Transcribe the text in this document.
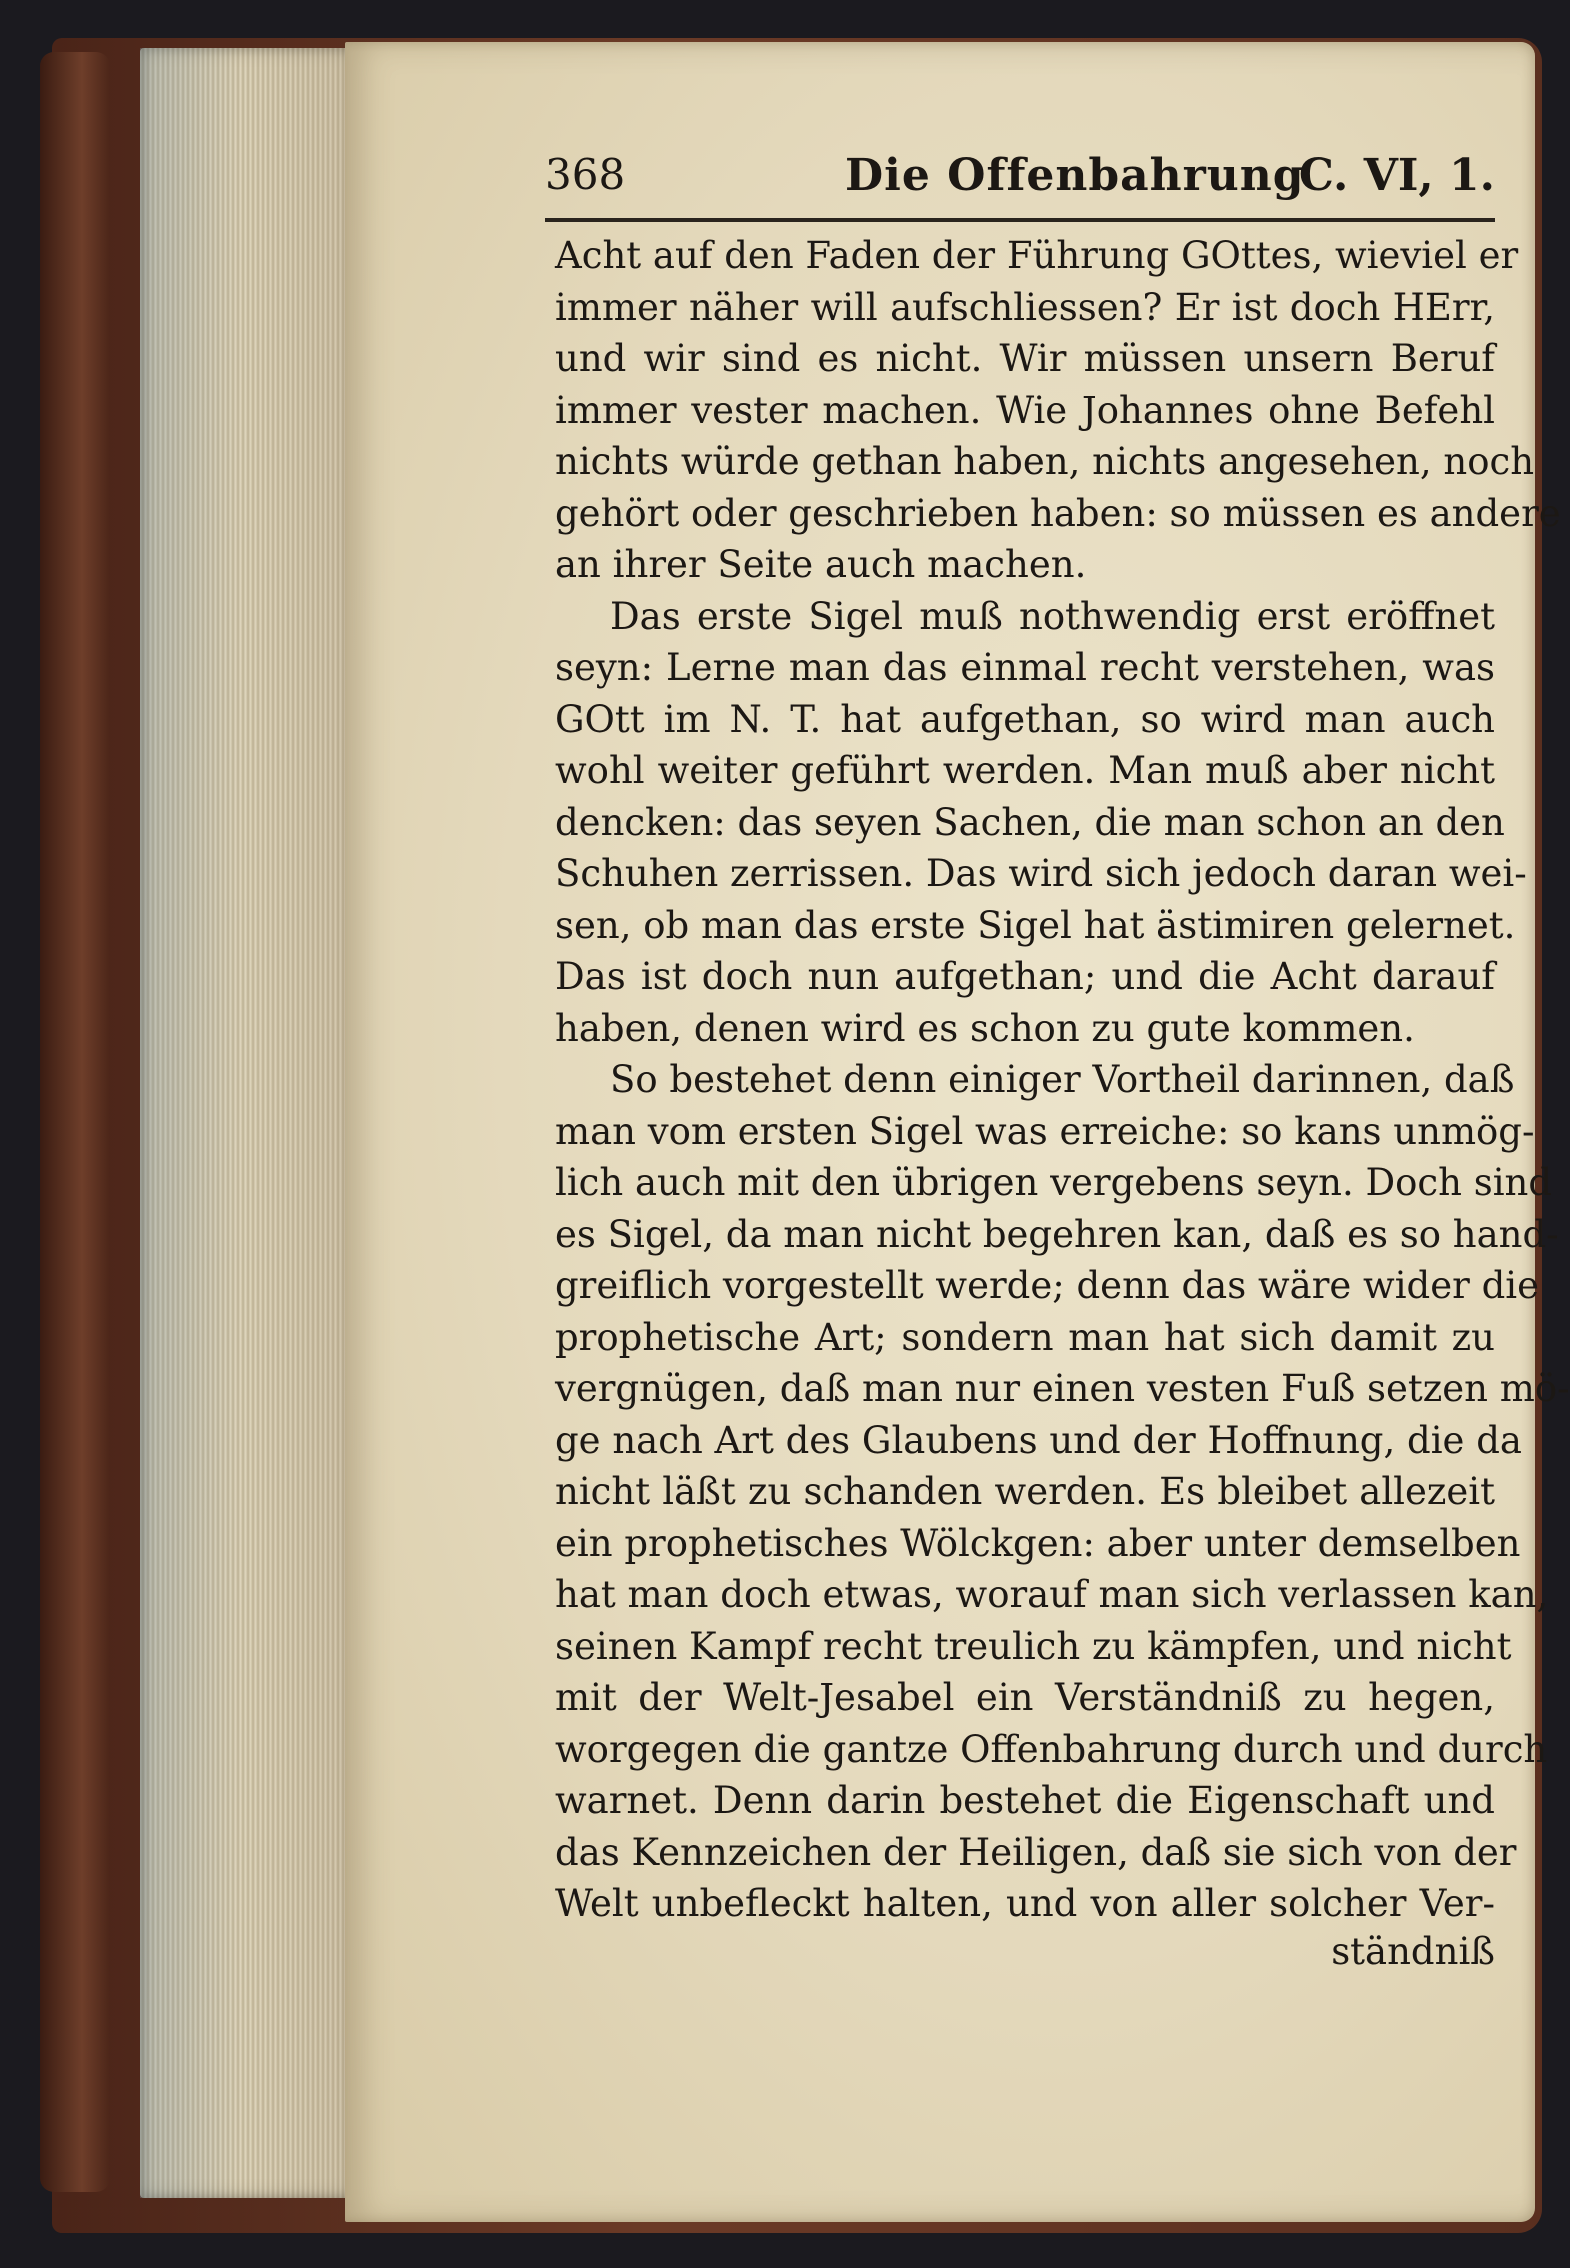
368	Die Offenbahrung
C. VI, 1.
Acht auf den Faden der Führung GOttes, wieviel er
immer näher will aufschliessen? Er ist doch HErr,
und wir sind es nicht. Wir müssen unsern Beruf
immer vester machen. Wie Johannes ohne Befehl
nichts würde gethan haben, nichts angesehen, noch
gehört oder geschrieben haben: so müssen es andere
an ihrer Seite auch machen.
Das erste Sigel muß nothwendig erst eröffnet
seyn: Lerne man das einmal recht verstehen, was
GOtt im N. T. hat aufgethan, so wird man auch
wohl weiter geführt werden. Man muß aber nicht
dencken: das seyen Sachen, die man schon an den
Schuhen zerrissen. Das wird sich jedoch daran wei-
sen, ob man das erste Sigel hat ästimiren gelernet.
Das ist doch nun aufgethan; und die Acht darauf
haben, denen wird es schon zu gute kommen.
So bestehet denn einiger Vortheil darinnen, daß
man vom ersten Sigel was erreiche: so kans unmög-
lich auch mit den übrigen vergebens seyn. Doch sind
es Sigel, da man nicht begehren kan, daß es so hand-
greiflich vorgestellt werde; denn das wäre wider die
prophetische Art; sondern man hat sich damit zu
vergnügen, daß man nur einen vesten Fuß setzen mö-
ge nach Art des Glaubens und der Hoffnung, die da
nicht läßt zu schanden werden. Es bleibet allezeit
ein prophetisches Wölckgen: aber unter demselben
hat man doch etwas, worauf man sich verlassen kan,
seinen Kampf recht treulich zu kämpfen, und nicht
mit der Welt-Jesabel ein Verständniß zu hegen,
worgegen die gantze Offenbahrung durch und durch
warnet. Denn darin bestehet die Eigenschaft und
das Kennzeichen der Heiligen, daß sie sich von der
Welt unbefleckt halten, und von aller solcher Ver-
ständniß
